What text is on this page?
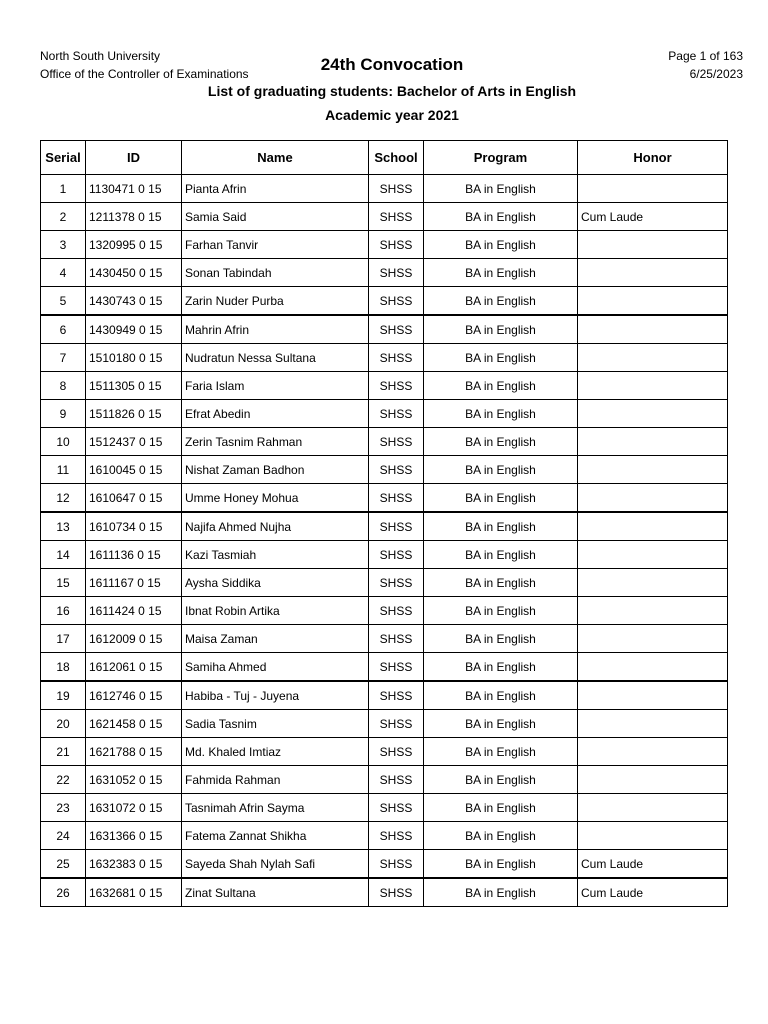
North South University
Office of the Controller of Examinations
Page 1 of 163
6/25/2023
24th Convocation
List of graduating students: Bachelor of Arts in English
Academic year 2021
Serial	ID	Name	School	Program	Honor
1	1130471 0 15	Pianta Afrin	SHSS	BA in English	
2	1211378 0 15	Samia Said	SHSS	BA in English	Cum Laude
3	1320995 0 15	Farhan Tanvir	SHSS	BA in English	
4	1430450 0 15	Sonan Tabindah	SHSS	BA in English	
5	1430743 0 15	Zarin Nuder Purba	SHSS	BA in English	
6	1430949 0 15	Mahrin Afrin	SHSS	BA in English	
7	1510180 0 15	Nudratun Nessa Sultana	SHSS	BA in English	
8	1511305 0 15	Faria Islam	SHSS	BA in English	
9	1511826 0 15	Efrat Abedin	SHSS	BA in English	
10	1512437 0 15	Zerin Tasnim Rahman	SHSS	BA in English	
11	1610045 0 15	Nishat Zaman Badhon	SHSS	BA in English	
12	1610647 0 15	Umme Honey Mohua	SHSS	BA in English	
13	1610734 0 15	Najifa Ahmed Nujha	SHSS	BA in English	
14	1611136 0 15	Kazi Tasmiah	SHSS	BA in English	
15	1611167 0 15	Aysha Siddika	SHSS	BA in English	
16	1611424 0 15	Ibnat Robin Artika	SHSS	BA in English	
17	1612009 0 15	Maisa Zaman	SHSS	BA in English	
18	1612061 0 15	Samiha Ahmed	SHSS	BA in English	
19	1612746 0 15	Habiba - Tuj - Juyena	SHSS	BA in English	
20	1621458 0 15	Sadia Tasnim	SHSS	BA in English	
21	1621788 0 15	Md. Khaled Imtiaz	SHSS	BA in English	
22	1631052 0 15	Fahmida Rahman	SHSS	BA in English	
23	1631072 0 15	Tasnimah Afrin Sayma	SHSS	BA in English	
24	1631366 0 15	Fatema Zannat Shikha	SHSS	BA in English	
25	1632383 0 15	Sayeda Shah Nylah Safi	SHSS	BA in English	Cum Laude
26	1632681 0 15	Zinat Sultana	SHSS	BA in English	Cum Laude
